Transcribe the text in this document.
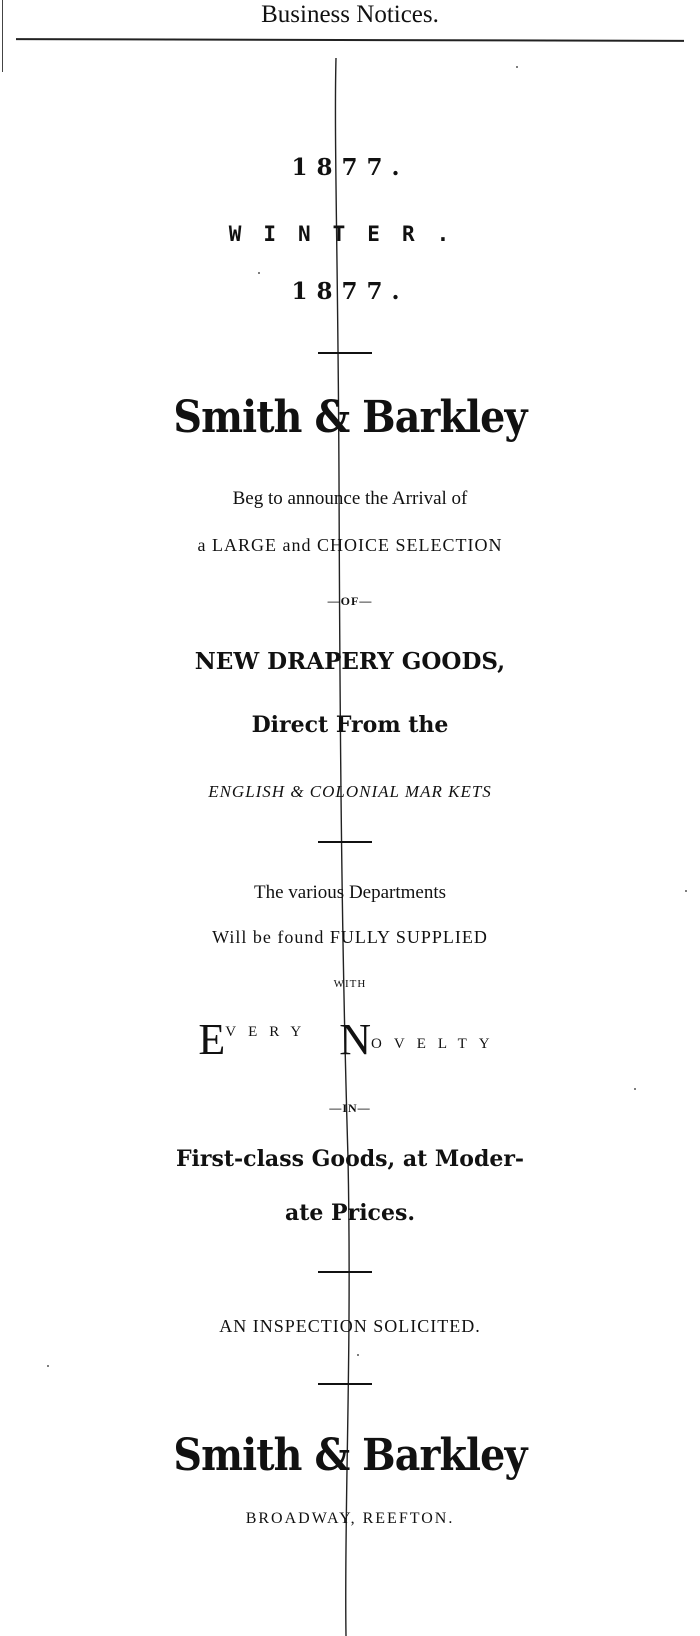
Business Notices.
1877.
WINTER.
1877.
Smith & Barkley
Beg to announce the Arrival of
a LARGE and CHOICE SELECTION
—OF—
NEW DRAPERY GOODS,
Direct From the
ENGLISH & COLONIAL MAR KETS
The various Departments
Will be found FULLY SUPPLIED
WITH
EVERY NOVELTY
—IN—
First-class Goods, at Moder-
ate Prices.
AN INSPECTION SOLICITED.
Smith & Barkley
BROADWAY, REEFTON.
